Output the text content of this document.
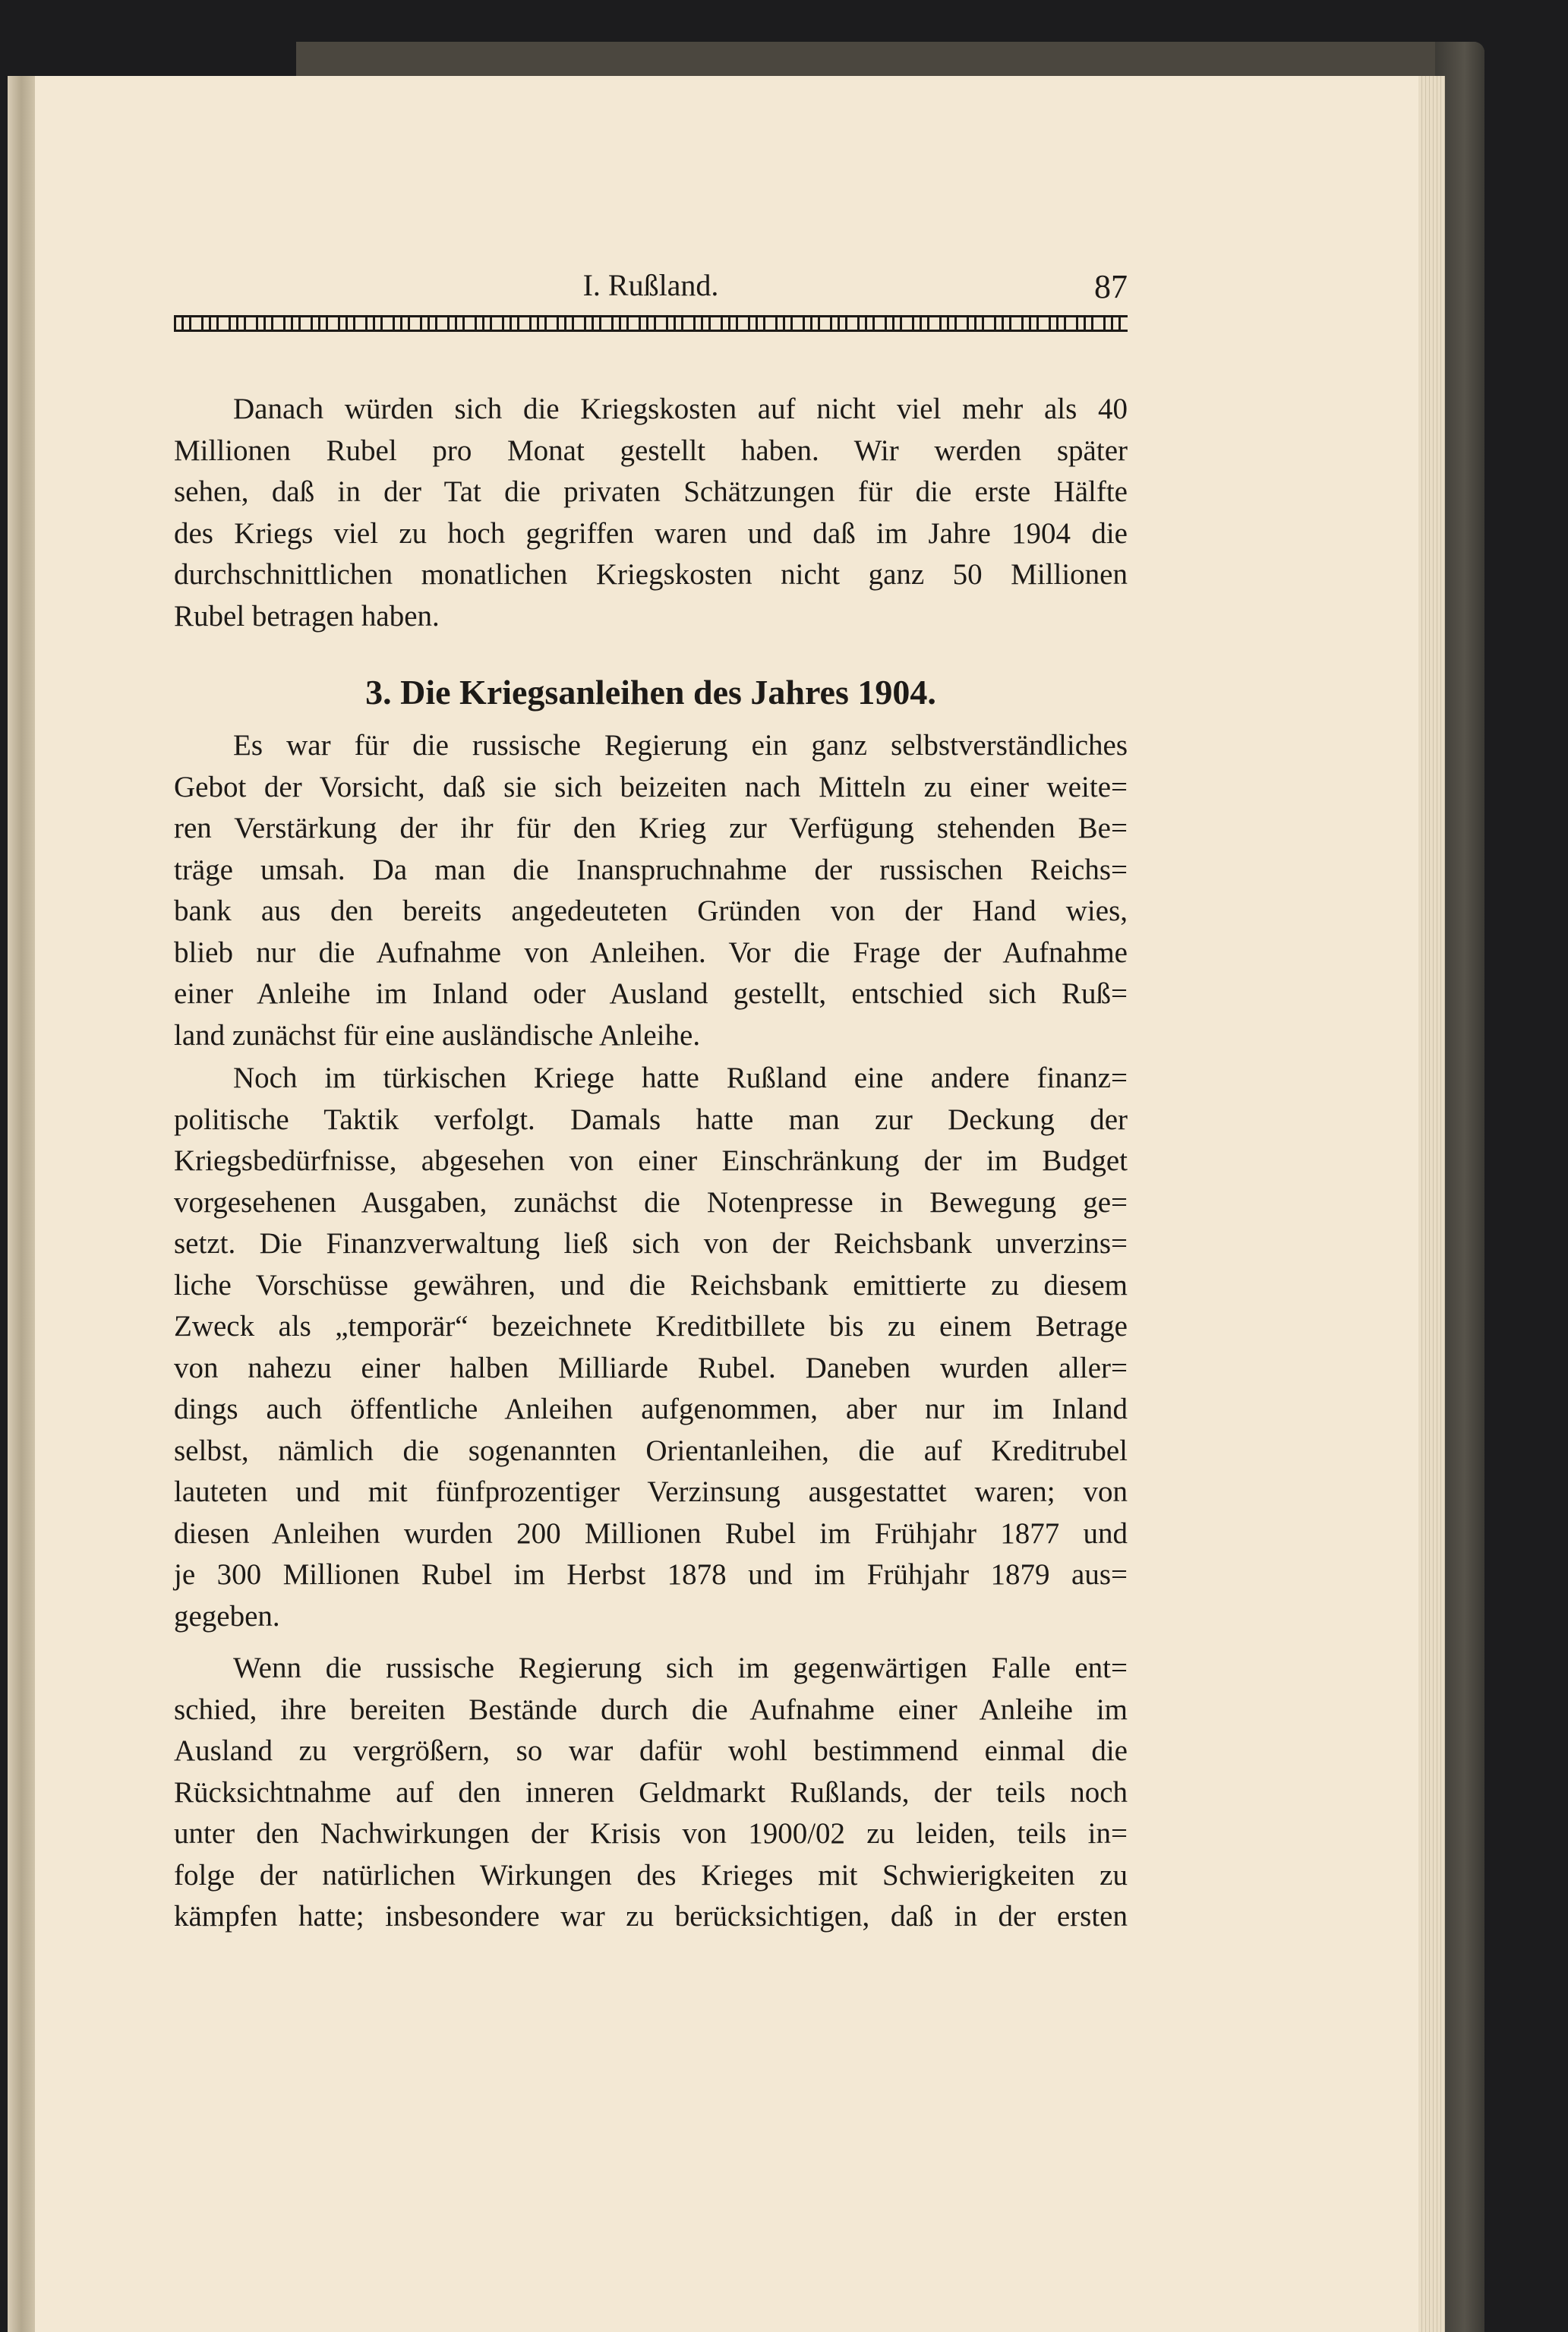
I. Rußland.	87
Danach würden sich die Kriegskosten auf nicht viel mehr als 40
Millionen Rubel pro Monat gestellt haben. Wir werden später
sehen, daß in der Tat die privaten Schätzungen für die erste Hälfte
des Kriegs viel zu hoch gegriffen waren und daß im Jahre 1904 die
durchschnittlichen monatlichen Kriegskosten nicht ganz 50 Millionen
Rubel betragen haben.
3. Die Kriegsanleihen des Jahres 1904.
Es war für die russische Regierung ein ganz selbstverständliches
Gebot der Vorsicht, daß sie sich beizeiten nach Mitteln zu einer weite=
ren Verstärkung der ihr für den Krieg zur Verfügung stehenden Be=
träge umsah. Da man die Inanspruchnahme der russischen Reichs=
bank aus den bereits angedeuteten Gründen von der Hand wies,
blieb nur die Aufnahme von Anleihen. Vor die Frage der Aufnahme
einer Anleihe im Inland oder Ausland gestellt, entschied sich Ruß=
land zunächst für eine ausländische Anleihe.
Noch im türkischen Kriege hatte Rußland eine andere finanz=
politische Taktik verfolgt. Damals hatte man zur Deckung der
Kriegsbedürfnisse, abgesehen von einer Einschränkung der im Budget
vorgesehenen Ausgaben, zunächst die Notenpresse in Bewegung ge=
setzt. Die Finanzverwaltung ließ sich von der Reichsbank unverzins=
liche Vorschüsse gewähren, und die Reichsbank emittierte zu diesem
Zweck als „temporär“ bezeichnete Kreditbillete bis zu einem Betrage
von nahezu einer halben Milliarde Rubel. Daneben wurden aller=
dings auch öffentliche Anleihen aufgenommen, aber nur im Inland
selbst, nämlich die sogenannten Orientanleihen, die auf Kreditrubel
lauteten und mit fünfprozentiger Verzinsung ausgestattet waren; von
diesen Anleihen wurden 200 Millionen Rubel im Frühjahr 1877 und
je 300 Millionen Rubel im Herbst 1878 und im Frühjahr 1879 aus=
gegeben.
Wenn die russische Regierung sich im gegenwärtigen Falle ent=
schied, ihre bereiten Bestände durch die Aufnahme einer Anleihe im
Ausland zu vergrößern, so war dafür wohl bestimmend einmal die
Rücksichtnahme auf den inneren Geldmarkt Rußlands, der teils noch
unter den Nachwirkungen der Krisis von 1900/02 zu leiden, teils in=
folge der natürlichen Wirkungen des Krieges mit Schwierigkeiten zu
kämpfen hatte; insbesondere war zu berücksichtigen, daß in der ersten
